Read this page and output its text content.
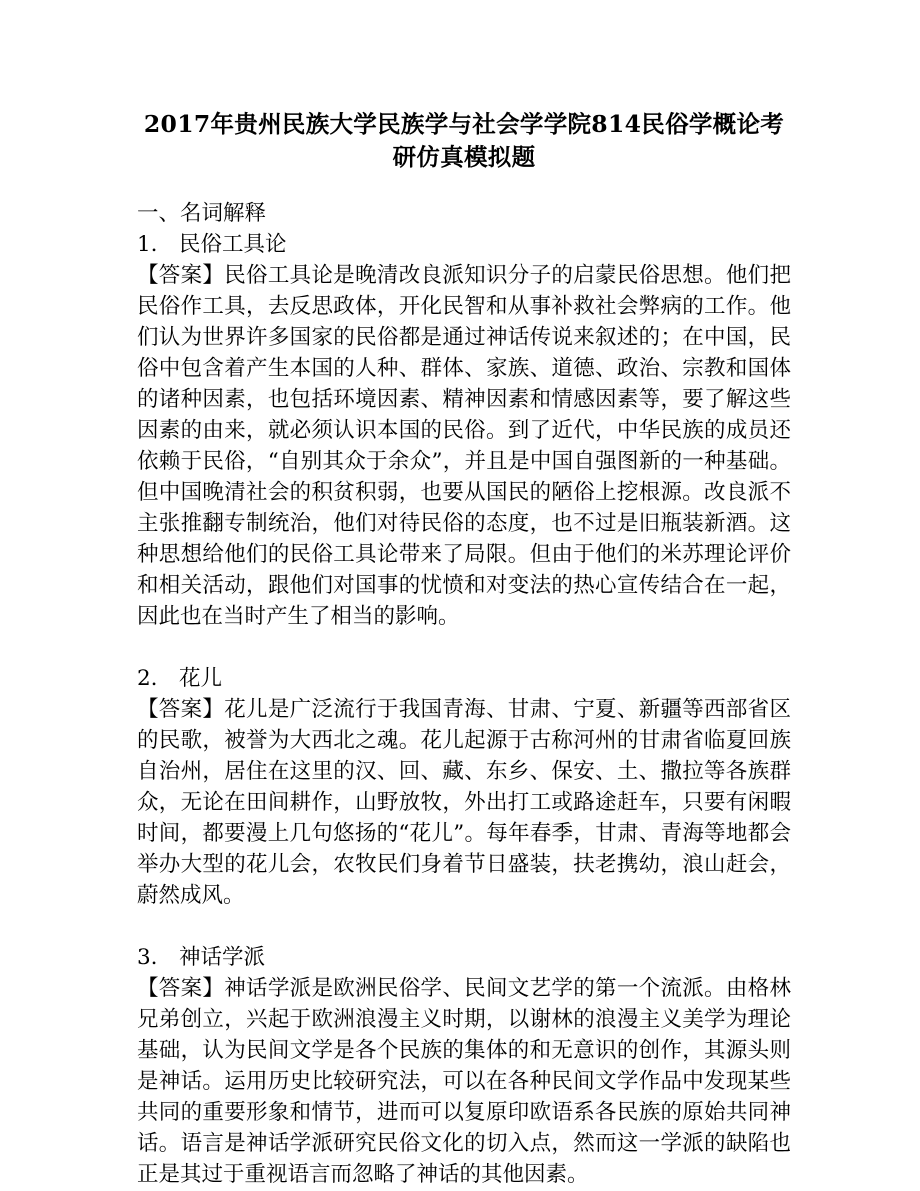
2017年贵州民族大学民族学与社会学学院814民俗学概论考研仿真模拟题

一、名词解释

1.　民俗工具论

【答案】民俗工具论是晚清改良派知识分子的启蒙民俗思想。他们把民俗作工具，去反思政体，开化民智和从事补救社会弊病的工作。他们认为世界许多国家的民俗都是通过神话传说来叙述的；在中国，民俗中包含着产生本国的人种、群体、家族、道德、政治、宗教和国体的诸种因素，也包括环境因素、精神因素和情感因素等，要了解这些因素的由来，就必须认识本国的民俗。到了近代，中华民族的成员还依赖于民俗，“自别其众于余众”，并且是中国自强图新的一种基础。但中国晚清社会的积贫积弱，也要从国民的陋俗上挖根源。改良派不主张推翻专制统治，他们对待民俗的态度，也不过是旧瓶装新酒。这种思想给他们的民俗工具论带来了局限。但由于他们的米苏理论评价和相关活动，跟他们对国事的忧愤和对变法的热心宣传结合在一起，因此也在当时产生了相当的影响。

2.　花儿

【答案】花儿是广泛流行于我国青海、甘肃、宁夏、新疆等西部省区的民歌，被誉为大西北之魂。花儿起源于古称河州的甘肃省临夏回族自治州，居住在这里的汉、回、藏、东乡、保安、土、撒拉等各族群众，无论在田间耕作，山野放牧，外出打工或路途赶车，只要有闲暇时间，都要漫上几句悠扬的“花儿”。每年春季，甘肃、青海等地都会举办大型的花儿会，农牧民们身着节日盛装，扶老携幼，浪山赶会，蔚然成风。

3.　神话学派

【答案】神话学派是欧洲民俗学、民间文艺学的第一个流派。由格林兄弟创立，兴起于欧洲浪漫主义时期，以谢林的浪漫主义美学为理论基础，认为民间文学是各个民族的集体的和无意识的创作，其源头则是神话。运用历史比较研究法，可以在各种民间文学作品中发现某些共同的重要形象和情节，进而可以复原印欧语系各民族的原始共同神话。语言是神话学派研究民俗文化的切入点，然而这一学派的缺陷也正是其过于重视语言而忽略了神话的其他因素。
